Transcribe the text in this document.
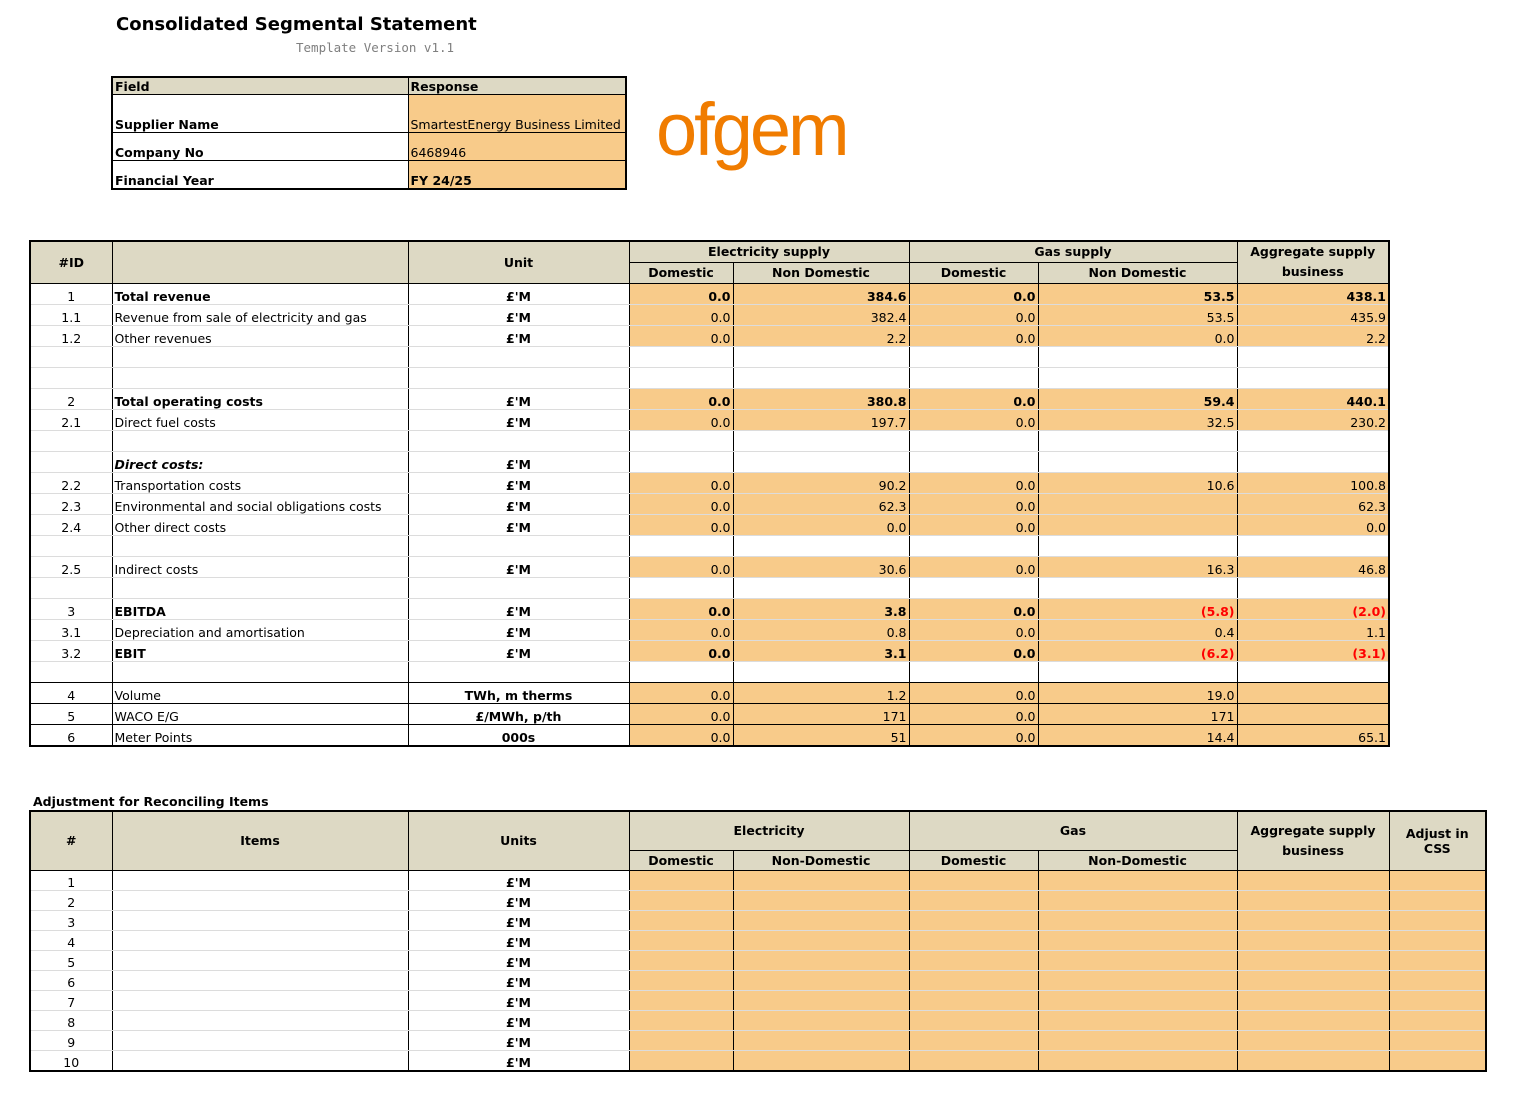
Consolidated Segmental Statement
Template Version v1.1
ofgem
Field	Response
Supplier Name	SmartestEnergy Business Limited
Company No	6468946
Financial Year	FY 24/25
#ID		Unit	Electricity supply		Gas supply		Aggregate supply business
			Domestic	Non Domestic	Domestic	Non Domestic	
1	Total revenue	£'M	0.0	384.6	0.0	53.5	438.1
1.1	Revenue from sale of electricity and gas	£'M	0.0	382.4	0.0	53.5	435.9
1.2	Other revenues	£'M	0.0	2.2	0.0	0.0	2.2

2	Total operating costs	£'M	0.0	380.8	0.0	59.4	440.1
2.1	Direct fuel costs	£'M	0.0	197.7	0.0	32.5	230.2

	Direct costs:	£'M					
2.2	Transportation costs	£'M	0.0	90.2	0.0	10.6	100.8
2.3	Environmental and social obligations costs	£'M	0.0	62.3	0.0		62.3
2.4	Other direct costs	£'M	0.0	0.0	0.0		0.0

2.5	Indirect costs	£'M	0.0	30.6	0.0	16.3	46.8

3	EBITDA	£'M	0.0	3.8	0.0	(5.8)	(2.0)
3.1	Depreciation and amortisation	£'M	0.0	0.8	0.0	0.4	1.1
3.2	EBIT	£'M	0.0	3.1	0.0	(6.2)	(3.1)

4	Volume	TWh, m therms	0.0	1.2	0.0	19.0	
5	WACO E/G	£/MWh, p/th	0.0	171	0.0	171	
6	Meter Points	000s	0.0	51	0.0	14.4	65.1
Adjustment for Reconciling Items
#	Items	Units	Electricity		Gas		Aggregate supply business	Adjust in CSS
			Domestic	Non-Domestic	Domestic	Non-Domestic		
1		£'M						
2		£'M						
3		£'M						
4		£'M						
5		£'M						
6		£'M						
7		£'M						
8		£'M						
9		£'M						
10		£'M						
